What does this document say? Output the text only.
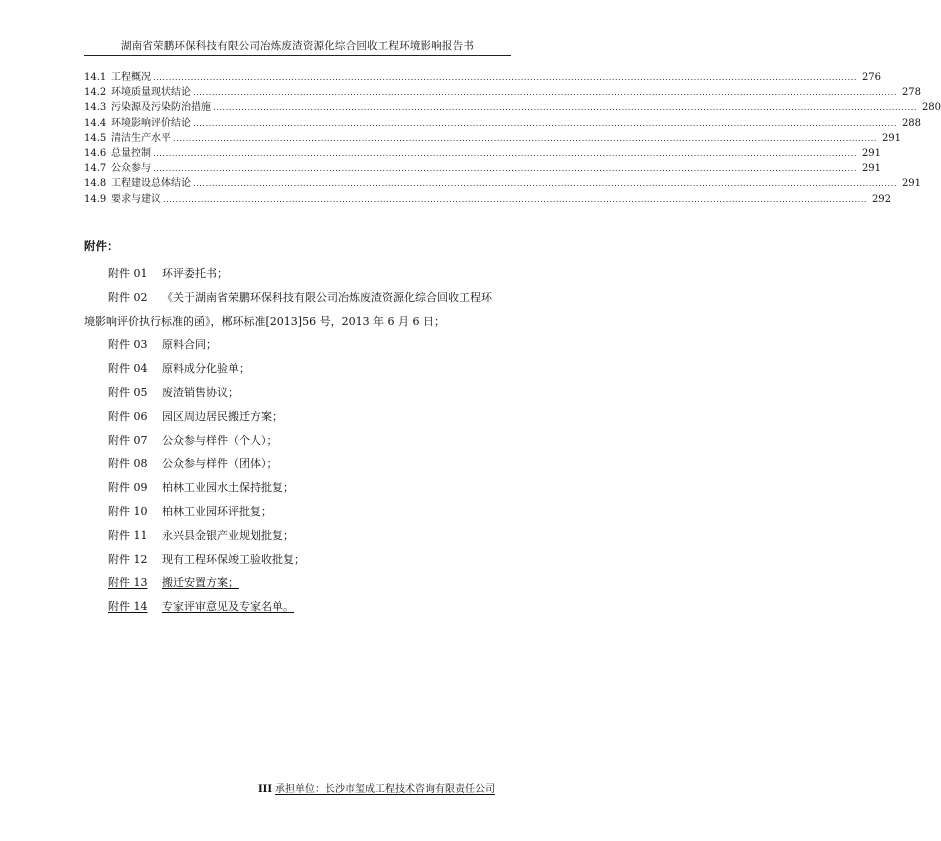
湖南省荣鹏环保科技有限公司冶炼废渣资源化综合回收工程环境影响报告书
14.1 工程概况 ................................................................................................................................................................................................................................ 276
14.2 环境质量现状结论 ................................................................................................................................................................................................................................ 278
14.3 污染源及污染防治措施 ................................................................................................................................................................................................................................ 280
14.4 环境影响评价结论 ................................................................................................................................................................................................................................ 288
14.5 清洁生产水平 ................................................................................................................................................................................................................................ 291
14.6 总量控制 ................................................................................................................................................................................................................................ 291
14.7 公众参与 ................................................................................................................................................................................................................................ 291
14.8 工程建设总体结论 ................................................................................................................................................................................................................................ 291
14.9 要求与建议 ................................................................................................................................................................................................................................ 292
附件：
附件 01 环评委托书；
附件 02 《关于湖南省荣鹏环保科技有限公司冶炼废渣资源化综合回收工程环
境影响评价执行标准的函》，郴环标准[2013]56 号，2013 年 6 月 6 日；
附件 03 原料合同；
附件 04 原料成分化验单；
附件 05 废渣销售协议；
附件 06 园区周边居民搬迁方案；
附件 07 公众参与样件（个人）；
附件 08 公众参与样件（团体）；
附件 09 柏林工业园水土保持批复；
附件 10 柏林工业园环评批复；
附件 11 永兴县金银产业规划批复；
附件 12 现有工程环保竣工验收批复；
附件 13 搬迁安置方案；
附件 14 专家评审意见及专家名单。
III 承担单位：长沙市玺成工程技术咨询有限责任公司
